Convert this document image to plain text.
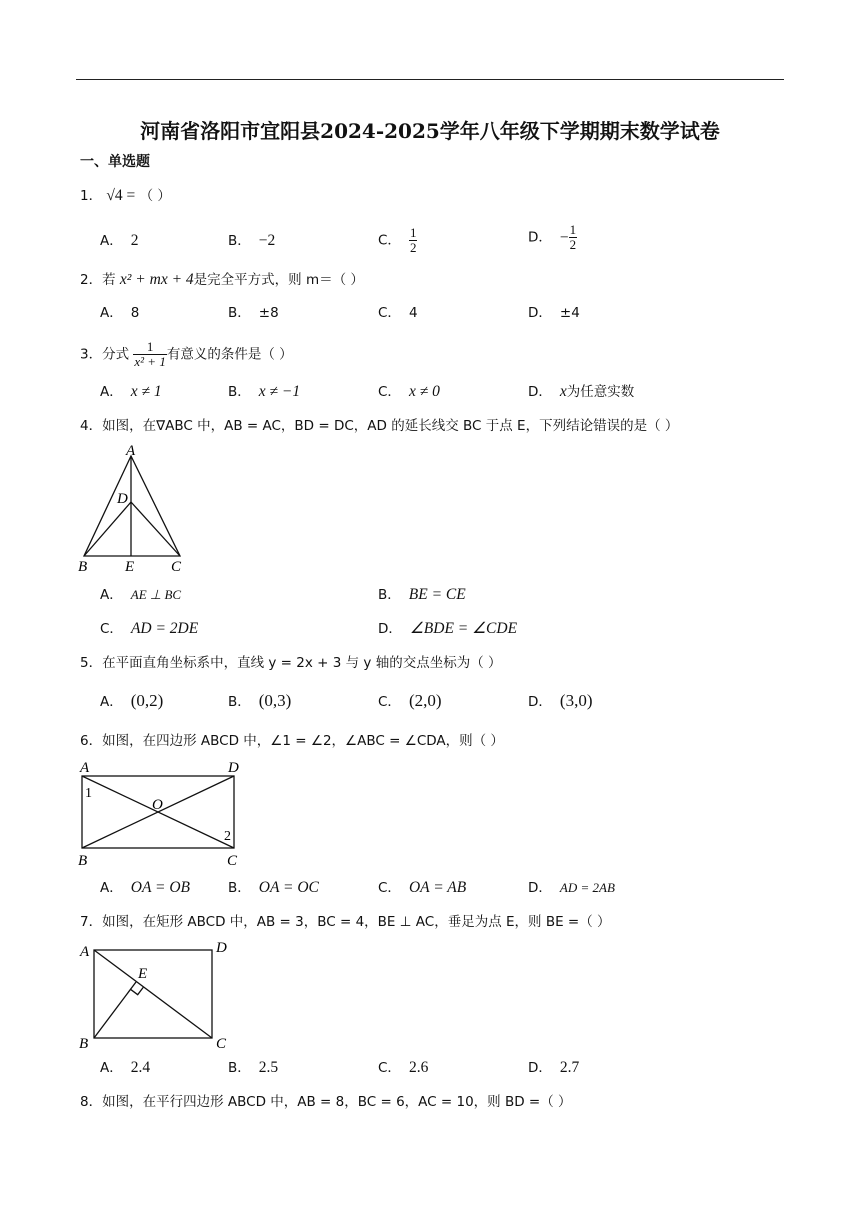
河南省洛阳市宜阳县2024-2025学年八年级下学期期末数学试卷
一、单选题
1． √4 = （ ）
A． 2	B． −2	C． $\frac{1}{2}$	D． − $\frac{1}{2}$
2．若 x² + mx + 4是完全平方式，则 m＝（ ）
A． 8	B． ±8	C． 4	D． ±4
3．分式 $\frac{1}{\text{x² + 1}}$ 有意义的条件是（ ）
A． x ≠ 1	B． x ≠ −1	C． x ≠ 0	D． x为任意实数
4．如图，在∇ABC 中，AB = AC，BD = DC，AD 的延长线交 BC 于点 E，下列结论错误的是（ ）
A
D
B	E C
A． AE ⊥ BC	B． BE = CE
C． AD = 2DE	D． ∠BDE = ∠CDE
5．在平面直角坐标系中，直线 y = 2x + 3 与 y 轴的交点坐标为（ ）
A． (0,2)	B． (0,3)	C． (2,0)	D． (3,0)
6．如图，在四边形 ABCD 中，∠1 = ∠2，∠ABC = ∠CDA，则（ ）
A	D
1
O
2
B	C
A． OA = OB	B． OA = OC	C． OA = AB	D． AD = 2AB
7．如图，在矩形 ABCD 中，AB = 3，BC = 4，BE ⊥ AC，垂足为点 E，则 BE =（ ）
A	D
E
B	C
A． 2.4	B． 2.5	C． 2.6	D． 2.7
8．如图，在平行四边形 ABCD 中，AB = 8，BC = 6，AC = 10，则 BD =（ ）
